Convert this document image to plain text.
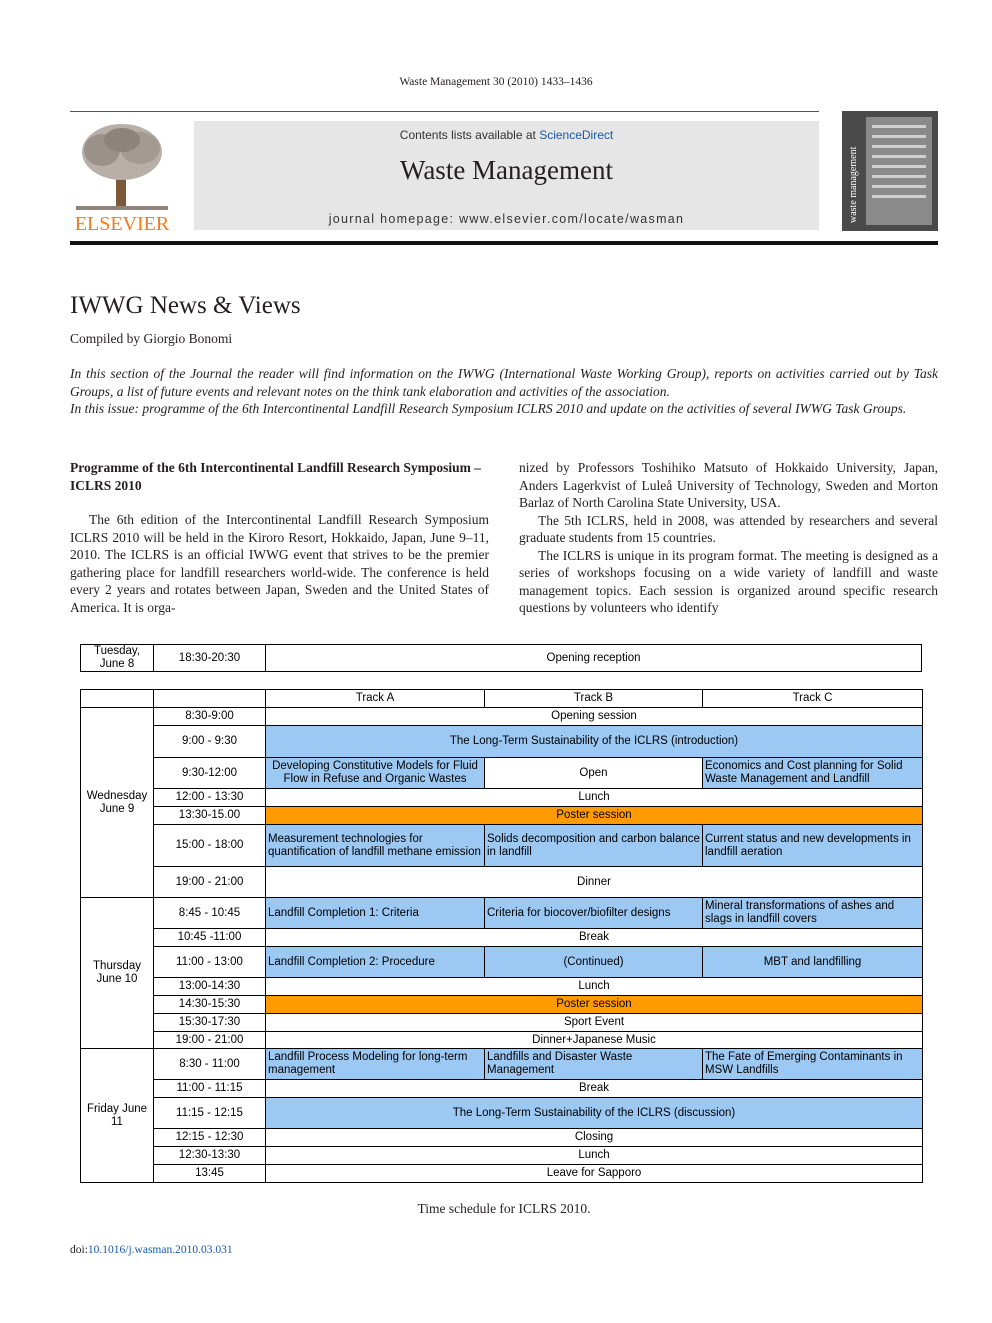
Waste Management 30 (2010) 1433–1436
ELSEVIER
Contents lists available at ScienceDirect
Waste Management
journal homepage: www.elsevier.com/locate/wasman	waste management
IWWG News & Views
Compiled by Giorgio Bonomi

In this section of the Journal the reader will find information on the IWWG (International Waste Working Group), reports on activities carried out by Task Groups, a list of future events and relevant notes on the think tank elaboration and activities of the association.

In this issue: programme of the 6th Intercontinental Landfill Research Symposium ICLRS 2010 and update on the activities of several IWWG Task Groups.

Programme of the 6th Intercontinental Landfill Research Symposium – ICLRS 2010

The 6th edition of the Intercontinental Landfill Research Symposium ICLRS 2010 will be held in the Kiroro Resort, Hokkaido, Japan, June 9–11, 2010. The ICLRS is an official IWWG event that strives to be the premier gathering place for landfill researchers world-wide. The conference is held every 2 years and rotates between Japan, Sweden and the United States of America. It is orga-

nized by Professors Toshihiko Matsuto of Hokkaido University, Japan, Anders Lagerkvist of Luleå University of Technology, Sweden and Morton Barlaz of North Carolina State University, USA.

The 5th ICLRS, held in 2008, was attended by researchers and several graduate students from 15 countries.

The ICLRS is unique in its program format. The meeting is designed as a series of workshops focusing on a wide variety of landfill and waste management topics. Each session is organized around specific research questions by volunteers who identify

Tuesday, June 8	18:30-20:30	Opening reception
		Track A	Track B	Track C
Wednesday June 9	8:30-9:00	Opening session		
	9:00 - 9:30	The Long-Term Sustainability of the ICLRS (introduction)		
	9:30-12:00	Developing Constitutive Models for Fluid Flow in Refuse and Organic Wastes	Open	Economics and Cost planning for Solid Waste Management and Landfill
	12:00 - 13:30	Lunch		
	13:30-15.00	Poster session		
	15:00 - 18:00	Measurement technologies for quantification of landfill methane emission	Solids decomposition and carbon balance in landfill	Current status and new developments in landfill aeration
	19:00 - 21:00	Dinner		
Thursday June 10	8:45 - 10:45	Landfill Completion 1: Criteria	Criteria for biocover/biofilter designs	Mineral transformations of ashes and slags in landfill covers
	10:45 -11:00	Break		
	11:00 - 13:00	Landfill Completion 2: Procedure	(Continued)	MBT and landfilling
	13:00-14:30	Lunch		
	14:30-15:30	Poster session		
	15:30-17:30	Sport Event		
	19:00 - 21:00	Dinner+Japanese Music		
Friday June 11	8:30 - 11:00	Landfill Process Modeling for long-term management	Landfills and Disaster Waste Management	The Fate of Emerging Contaminants in MSW Landfills
	11:00 - 11:15	Break		
	11:15 - 12:15	The Long-Term Sustainability of the ICLRS (discussion)		
	12:15 - 12:30	Closing		
	12:30-13:30	Lunch		
	13:45	Leave for Sapporo		
Time schedule for ICLRS 2010.
doi:10.1016/j.wasman.2010.03.031
